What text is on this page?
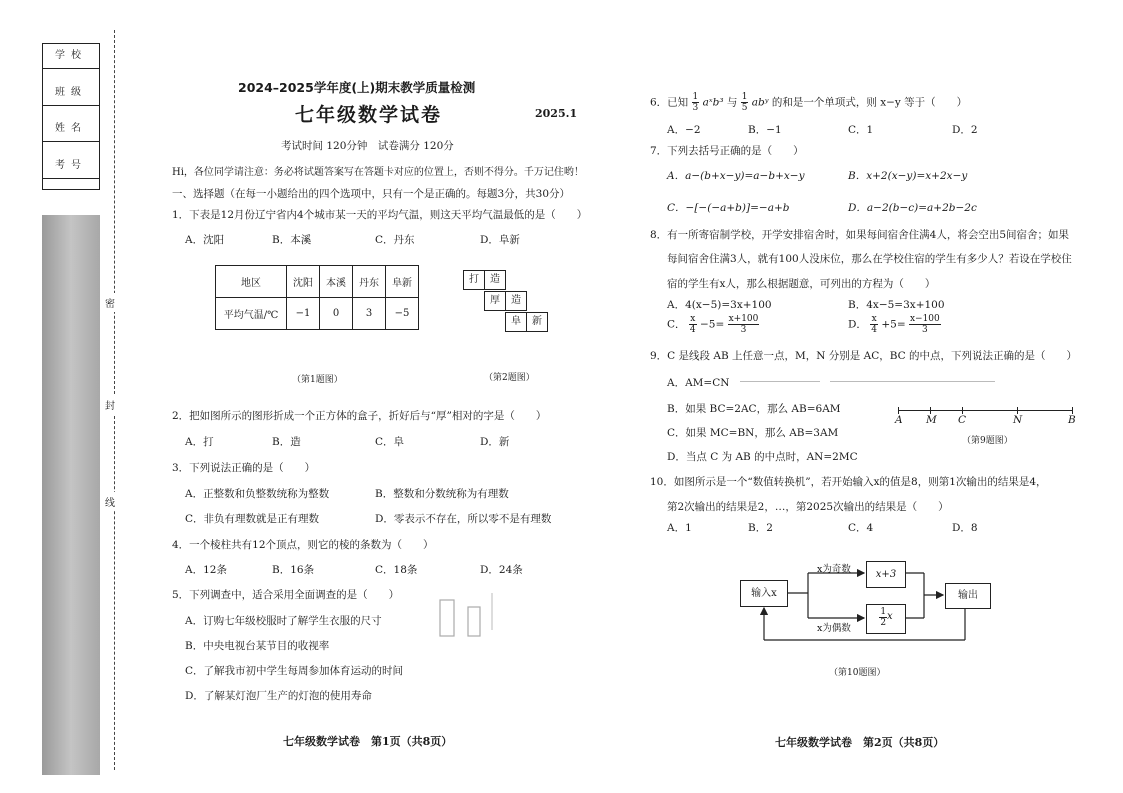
学校
班级
姓名
考号
密
封
线
2024–2025学年度(上)期末教学质量检测
七年级数学试卷	2025.1
考试时间 120分钟　试卷满分 120分
Hi，各位同学请注意：务必将试题答案写在答题卡对应的位置上，否则不得分。千万记住哟！
一、选择题（在每一小题给出的四个选项中，只有一个是正确的。每题3分，共30分）
1．下表是12月份辽宁省内4个城市某一天的平均气温，则这天平均气温最低的是（　　）
A．沈阳	B．本溪	C．丹东	D．阜新
地区	沈阳	本溪	丹东	阜新
平均气温/℃	−1	0	3	−5
（第1题图）
打	造
厚	造
阜	新
（第2题图）
2．把如图所示的图形折成一个正方体的盒子，折好后与“厚”相对的字是（　　）
A．打	B．造	C．阜	D．新
3．下列说法正确的是（　　）
A．正整数和负整数统称为整数	B．整数和分数统称为有理数
C．非负有理数就是正有理数	D．零表示不存在，所以零不是有理数
4．一个棱柱共有12个顶点，则它的棱的条数为（　　）
A．12条	B．16条	C．18条	D．24条
5．下列调查中，适合采用全面调查的是（　　）
A．订购七年级校服时了解学生衣服的尺寸
B．中央电视台某节目的收视率
C．了解我市初中学生每周参加体育运动的时间
D．了解某灯泡厂生产的灯泡的使用寿命
七年级数学试卷　第1页（共8页）
6．已知 $\frac{1}{3}$ aˣb³ 与 $\frac{1}{5}$ abʸ 的和是一个单项式，则 x−y 等于（　　）
A．−2	B．−1	C．1	D．2
7．下列去括号正确的是（　　）
A．a−(b+x−y)=a−b+x−y	B．x+2(x−y)=x+2x−y
C．−[−(−a+b)]=−a+b	D．a−2(b−c)=a+2b−2c
8．有一所寄宿制学校，开学安排宿舍时，如果每间宿舍住满4人，将会空出5间宿舍；如果
每间宿舍住满3人，就有100人没床位，那么在学校住宿的学生有多少人？若设在学校住
宿的学生有x人，那么根据题意，可列出的方程为（　　）
A．4(x−5)=3x+100	B．4x−5=3x+100
C． $\frac{x}{4} -5= \frac{x+100}{3}$	D． $\frac{x}{4} +5= \frac{x-100}{3}$
9．C 是线段 AB 上任意一点，M，N 分别是 AC，BC 的中点，下列说法正确的是（　　）
A．AM=CN
B．如果 BC=2AC，那么 AB=6AM
C．如果 MC=BN，那么 AB=3AM
D．当点 C 为 AB 的中点时，AN=2MC
A M C	N	B
（第9题图）
10．如图所示是一个“数值转换机”，若开始输入x的值是8，则第1次输出的结果是4，
第2次输出的结果是2，…，第2025次输出的结果是（　　）
A．1	B．2	C．4	D．8
输入x
x+3
$\frac{1}{2}$ x
输出
x为奇数
x为偶数
（第10题图）
七年级数学试卷　第2页（共8页）
